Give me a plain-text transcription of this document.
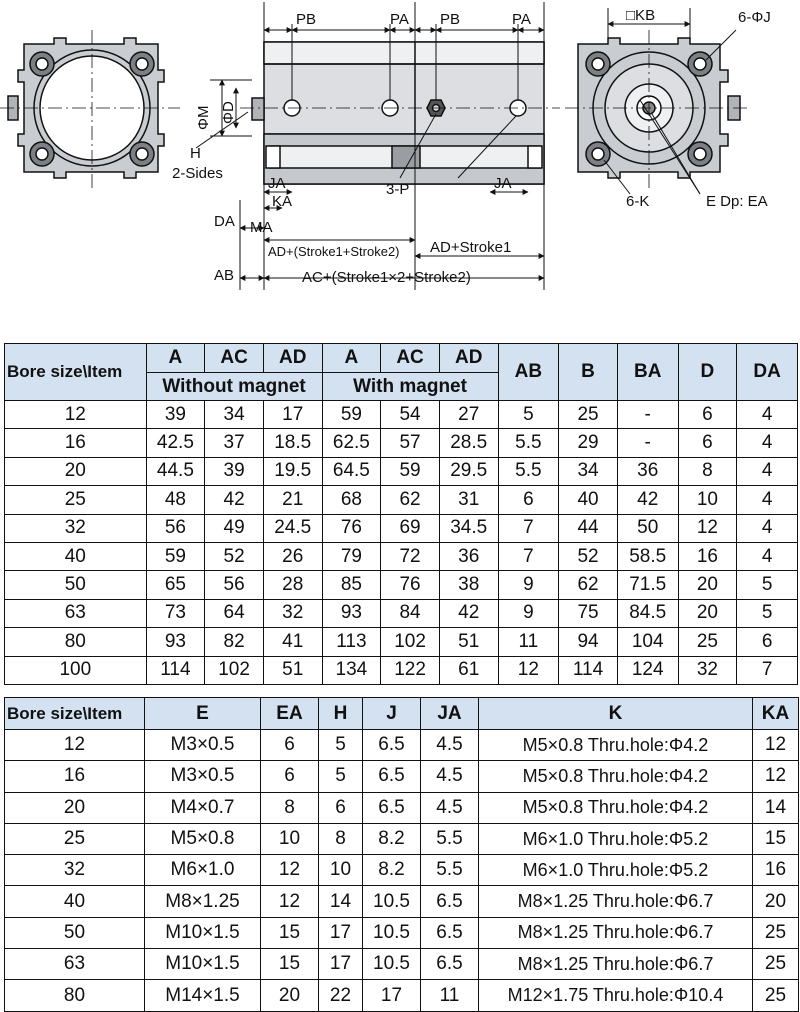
PB	PA PB	PA	□KB	6-ΦJ
ΦM ΦD
H
2-Sides
JA
KA
3-P	JA
DA MA
AB
AD+(Stroke1+Stroke2) AD+Stroke1
AC+(Stroke1×2+Stroke2)
6-K	E Dp: EA
Bore size\Item	A	AC	AD	A	AC	AD	AB	B	BA	D	DA
	Without magnet			With magnet							
12	39	34	17	59	54	27	5	25	-	6	4
16	42.5	37	18.5	62.5	57	28.5	5.5	29	-	6	4
20	44.5	39	19.5	64.5	59	29.5	5.5	34	36	8	4
25	48	42	21	68	62	31	6	40	42	10	4
32	56	49	24.5	76	69	34.5	7	44	50	12	4
40	59	52	26	79	72	36	7	52	58.5	16	4
50	65	56	28	85	76	38	9	62	71.5	20	5
63	73	64	32	93	84	42	9	75	84.5	20	5
80	93	82	41	113	102	51	11	94	104	25	6
100	114	102	51	134	122	61	12	114	124	32	7
Bore size\Item	E	EA	H	J	JA	K	KA
12	M3×0.5	6	5	6.5	4.5	M5×0.8 Thru.hole:Φ4.2	12
16	M3×0.5	6	5	6.5	4.5	M5×0.8 Thru.hole:Φ4.2	12
20	M4×0.7	8	6	6.5	4.5	M5×0.8 Thru.hole:Φ4.2	14
25	M5×0.8	10	8	8.2	5.5	M6×1.0 Thru.hole:Φ5.2	15
32	M6×1.0	12	10	8.2	5.5	M6×1.0 Thru.hole:Φ5.2	16
40	M8×1.25	12	14	10.5	6.5	M8×1.25 Thru.hole:Φ6.7	20
50	M10×1.5	15	17	10.5	6.5	M8×1.25 Thru.hole:Φ6.7	25
63	M10×1.5	15	17	10.5	6.5	M8×1.25 Thru.hole:Φ6.7	25
80	M14×1.5	20	22	17	11	M12×1.75 Thru.hole:Φ10.4	25
